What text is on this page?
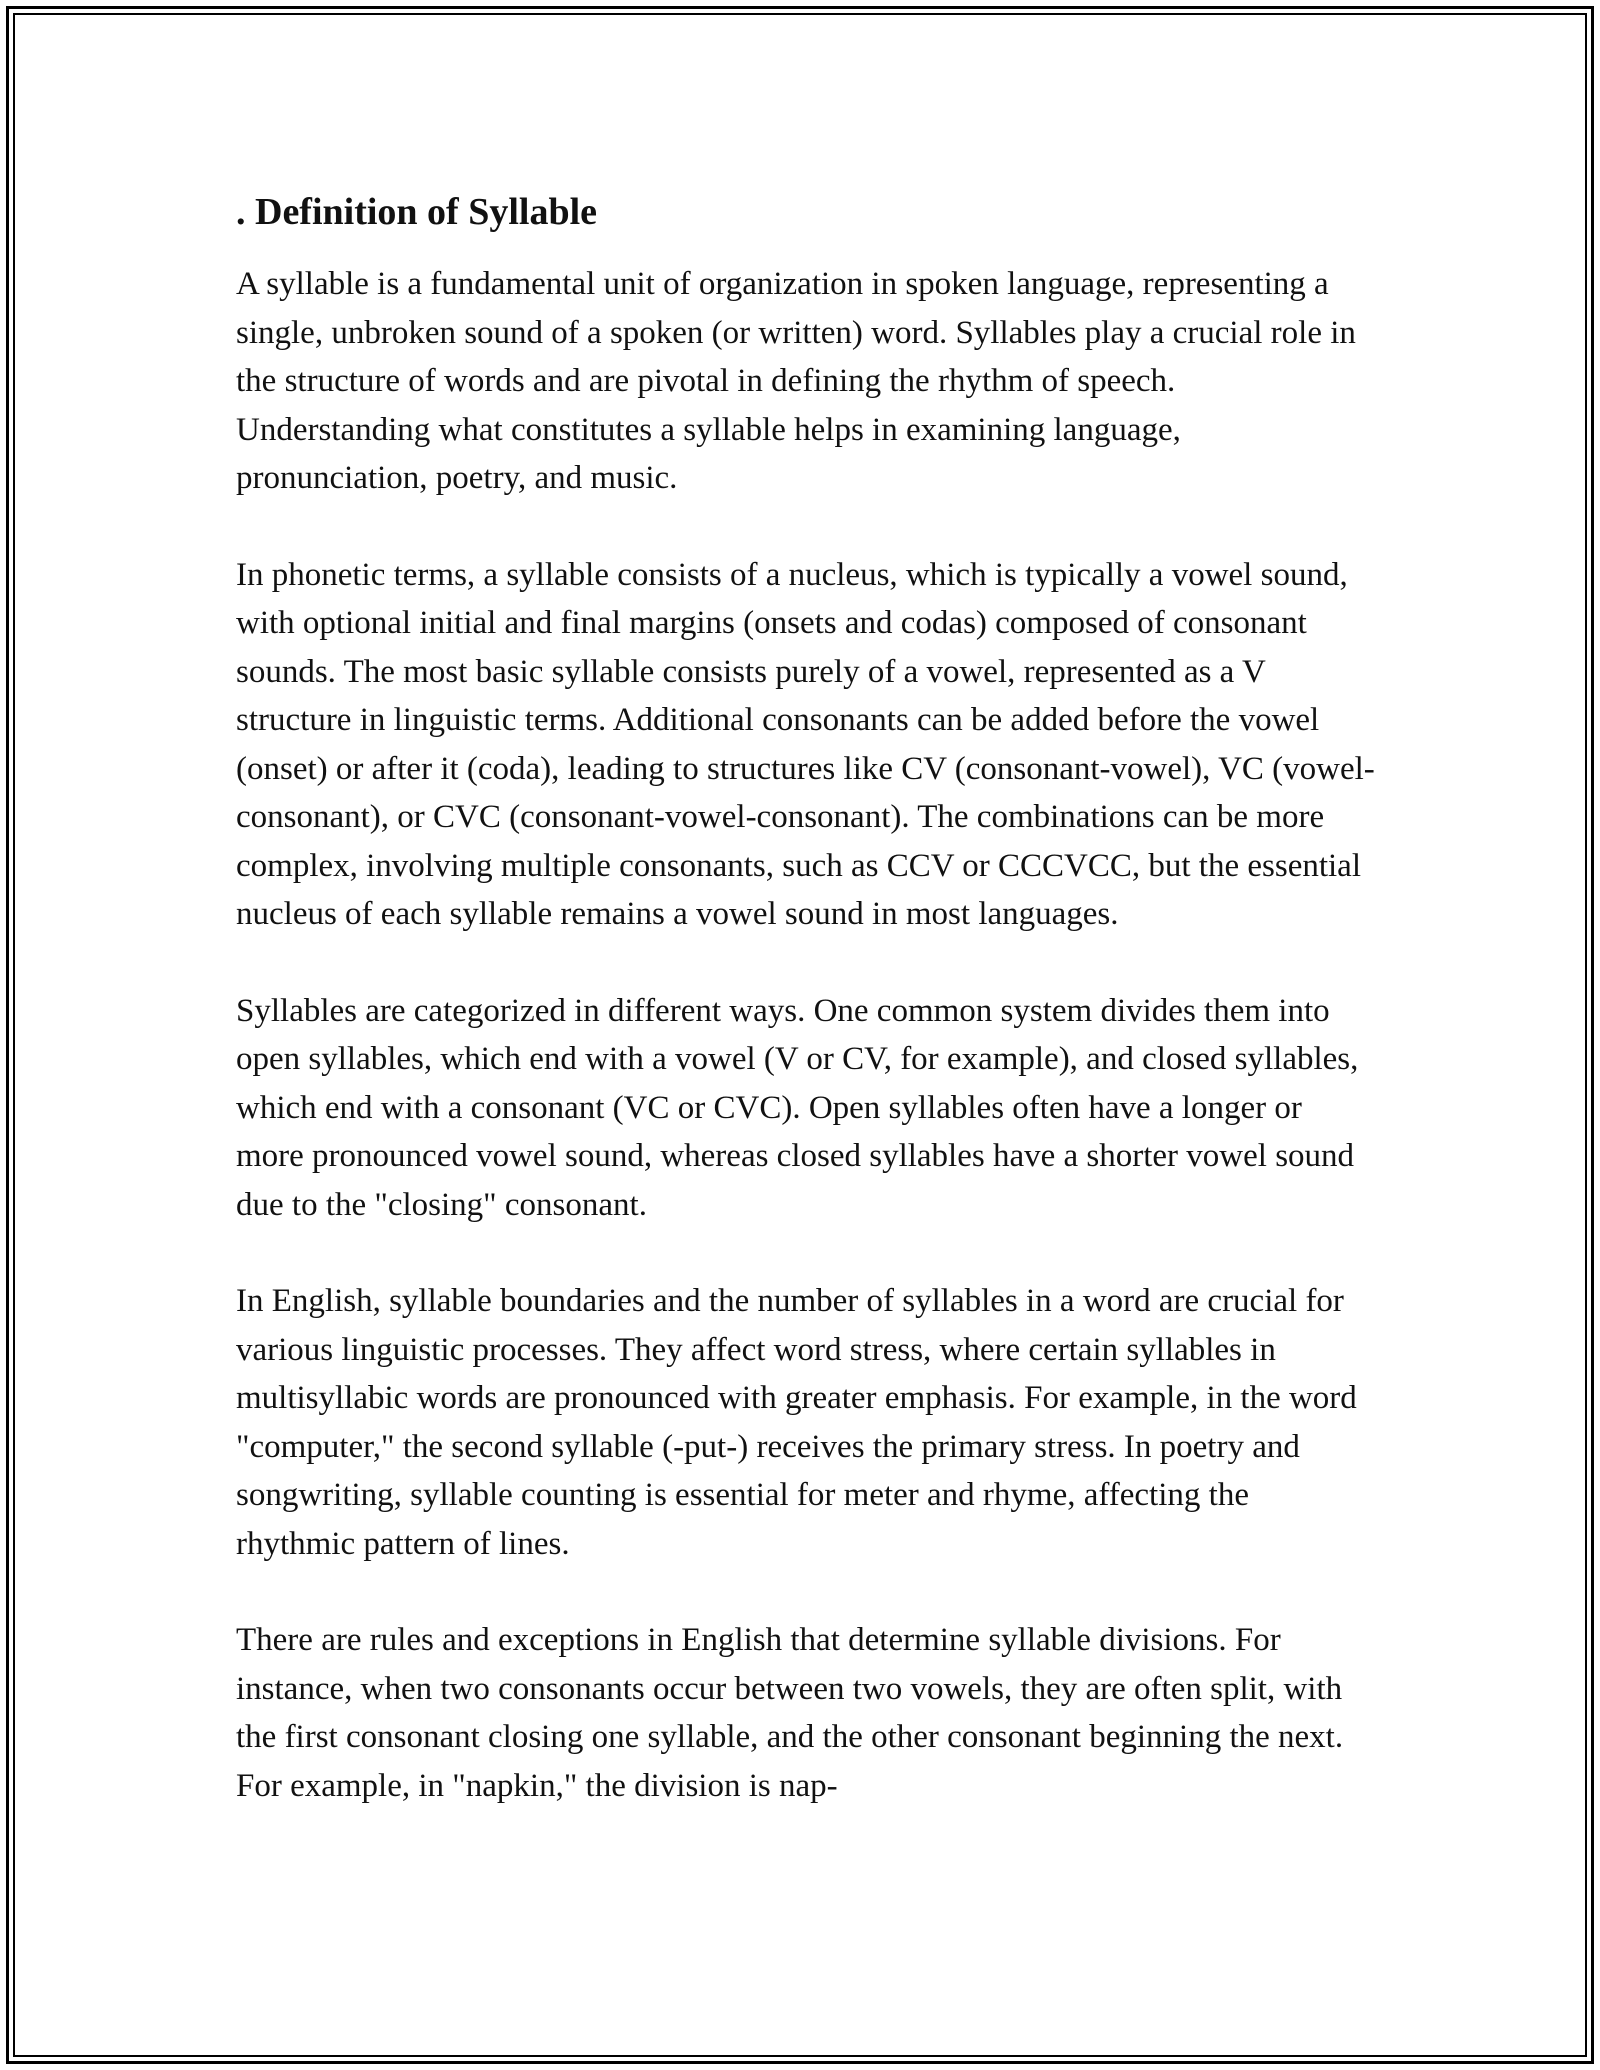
. Definition of Syllable

A syllable is a fundamental unit of organization in spoken language, representing a single, unbroken sound of a spoken (or written) word. Syllables play a crucial role in the structure of words and are pivotal in defining the rhythm of speech. Understanding what constitutes a syllable helps in examining language, pronunciation, poetry, and music.

In phonetic terms, a syllable consists of a nucleus, which is typically a vowel sound, with optional initial and final margins (onsets and codas) composed of consonant sounds. The most basic syllable consists purely of a vowel, represented as a V structure in linguistic terms. Additional consonants can be added before the vowel (onset) or after it (coda), leading to structures like CV (consonant-vowel), VC (vowel-consonant), or CVC (consonant-vowel-consonant). The combinations can be more complex, involving multiple consonants, such as CCV or CCCVCC, but the essential nucleus of each syllable remains a vowel sound in most languages.

Syllables are categorized in different ways. One common system divides them into open syllables, which end with a vowel (V or CV, for example), and closed syllables, which end with a consonant (VC or CVC). Open syllables often have a longer or more pronounced vowel sound, whereas closed syllables have a shorter vowel sound due to the "closing" consonant.

In English, syllable boundaries and the number of syllables in a word are crucial for various linguistic processes. They affect word stress, where certain syllables in multisyllabic words are pronounced with greater emphasis. For example, in the word "computer," the second syllable (-put-) receives the primary stress. In poetry and songwriting, syllable counting is essential for meter and rhyme, affecting the rhythmic pattern of lines.

There are rules and exceptions in English that determine syllable divisions. For instance, when two consonants occur between two vowels, they are often split, with the first consonant closing one syllable, and the other consonant beginning the next. For example, in "napkin," the division is nap-
